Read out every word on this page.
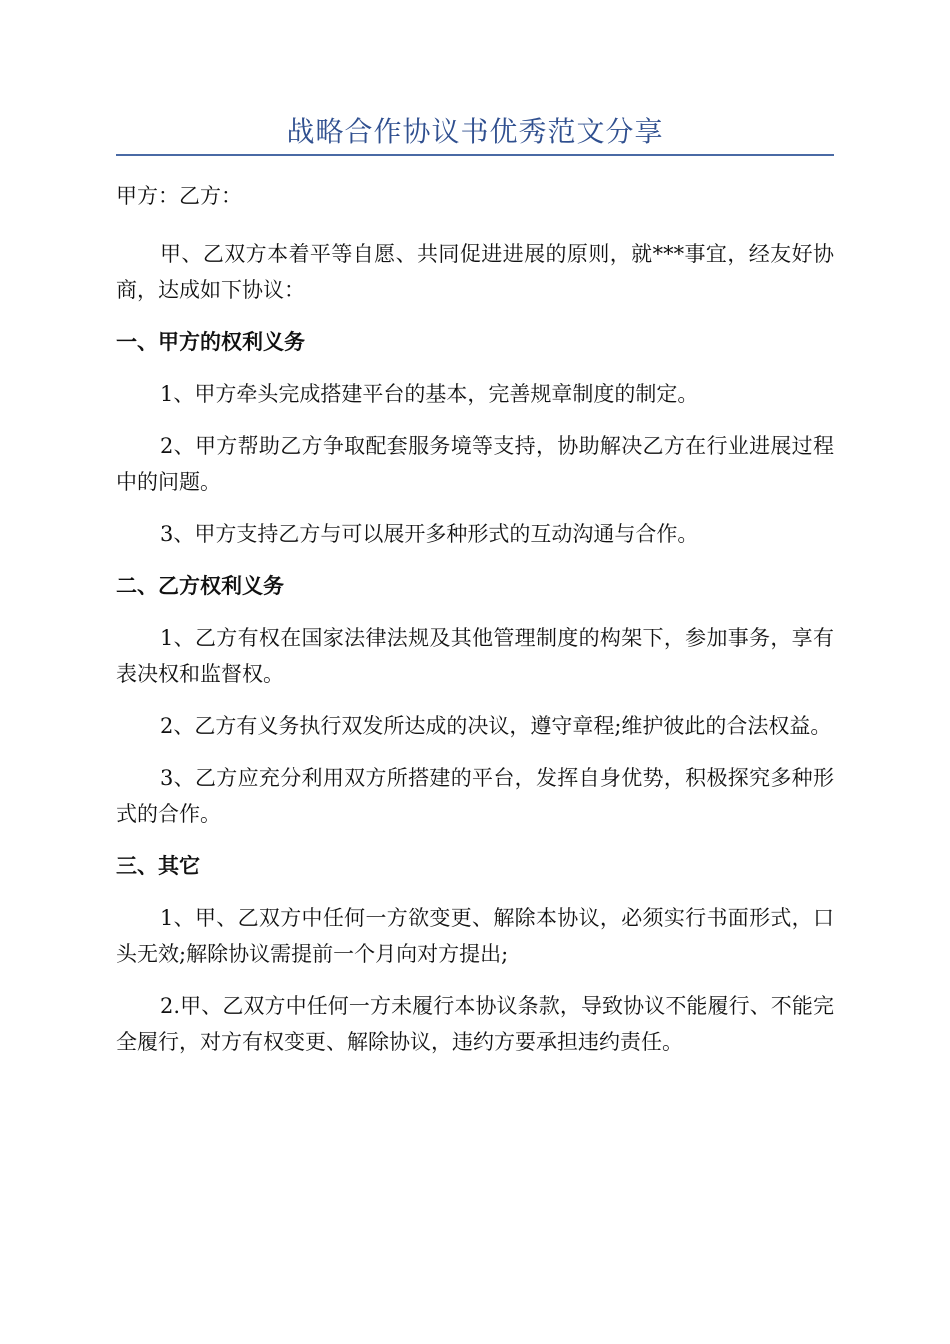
战略合作协议书优秀范文分享

甲方：乙方：

甲、乙双方本着平等自愿、共同促进进展的原则，就***事宜，经友好协商，达成如下协议：

一、甲方的权利义务

1、甲方牵头完成搭建平台的基本，完善规章制度的制定。

2、甲方帮助乙方争取配套服务境等支持，协助解决乙方在行业进展过程中的问题。

3、甲方支持乙方与可以展开多种形式的互动沟通与合作。

二、乙方权利义务

1、乙方有权在国家法律法规及其他管理制度的构架下，参加事务，享有表决权和监督权。

2、乙方有义务执行双发所达成的决议，遵守章程;维护彼此的合法权益。

3、乙方应充分利用双方所搭建的平台，发挥自身优势，积极探究多种形式的合作。

三、其它

1、甲、乙双方中任何一方欲变更、解除本协议，必须实行书面形式，口头无效;解除协议需提前一个月向对方提出;

2.甲、乙双方中任何一方未履行本协议条款，导致协议不能履行、不能完全履行，对方有权变更、解除协议，违约方要承担违约责任。
